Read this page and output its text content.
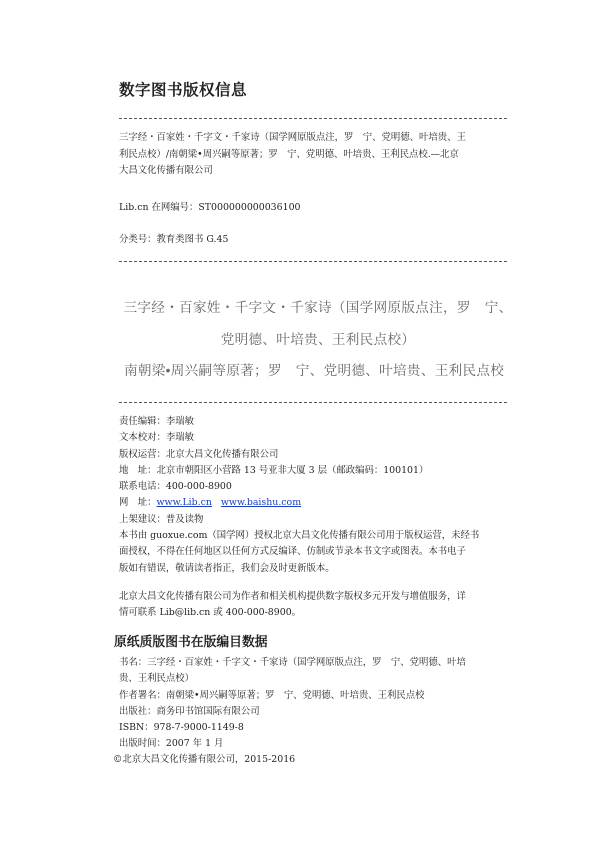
数字图书版权信息
三字经・百家姓・千字文・千家诗（国学网原版点注，罗　宁、党明德、叶培贵、王
利民点校）/南朝梁•周兴嗣等原著；罗　宁、党明德、叶培贵、王利民点校.—北京
大昌文化传播有限公司
Lib.cn 在网编号：ST000000000036100
分类号：教育类图书 G.45
三字经・百家姓・千字文・千家诗（国学网原版点注，罗　宁、
党明德、叶培贵、王利民点校）
南朝梁•周兴嗣等原著；罗　宁、党明德、叶培贵、王利民点校
责任编辑：李瑞敏
文本校对：李瑞敏
版权运营：北京大昌文化传播有限公司
地　址：北京市朝阳区小营路 13 号亚非大厦 3 层（邮政编码：100101）
联系电话：400-000-8900
网　址：www.Lib.cn www.baishu.com
上架建议：普及读物
本书由 guoxue.com（国学网）授权北京大昌文化传播有限公司用于版权运营，未经书
面授权，不得在任何地区以任何方式反编译、仿制或节录本书文字或图表。本书电子
版如有错误，敬请读者指正，我们会及时更新版本。
北京大昌文化传播有限公司为作者和相关机构提供数字版权多元开发与增值服务，详
情可联系 Lib@lib.cn 或 400-000-8900。
原纸质版图书在版编目数据
书名：三字经・百家姓・千字文・千家诗（国学网原版点注，罗　宁、党明德、叶培
贵、王利民点校）
作者署名：南朝梁•周兴嗣等原著；罗　宁、党明德、叶培贵、王利民点校
出版社：商务印书馆国际有限公司
ISBN：978-7-9000-1149-8
出版时间：2007 年 1 月
©北京大昌文化传播有限公司，2015-2016
